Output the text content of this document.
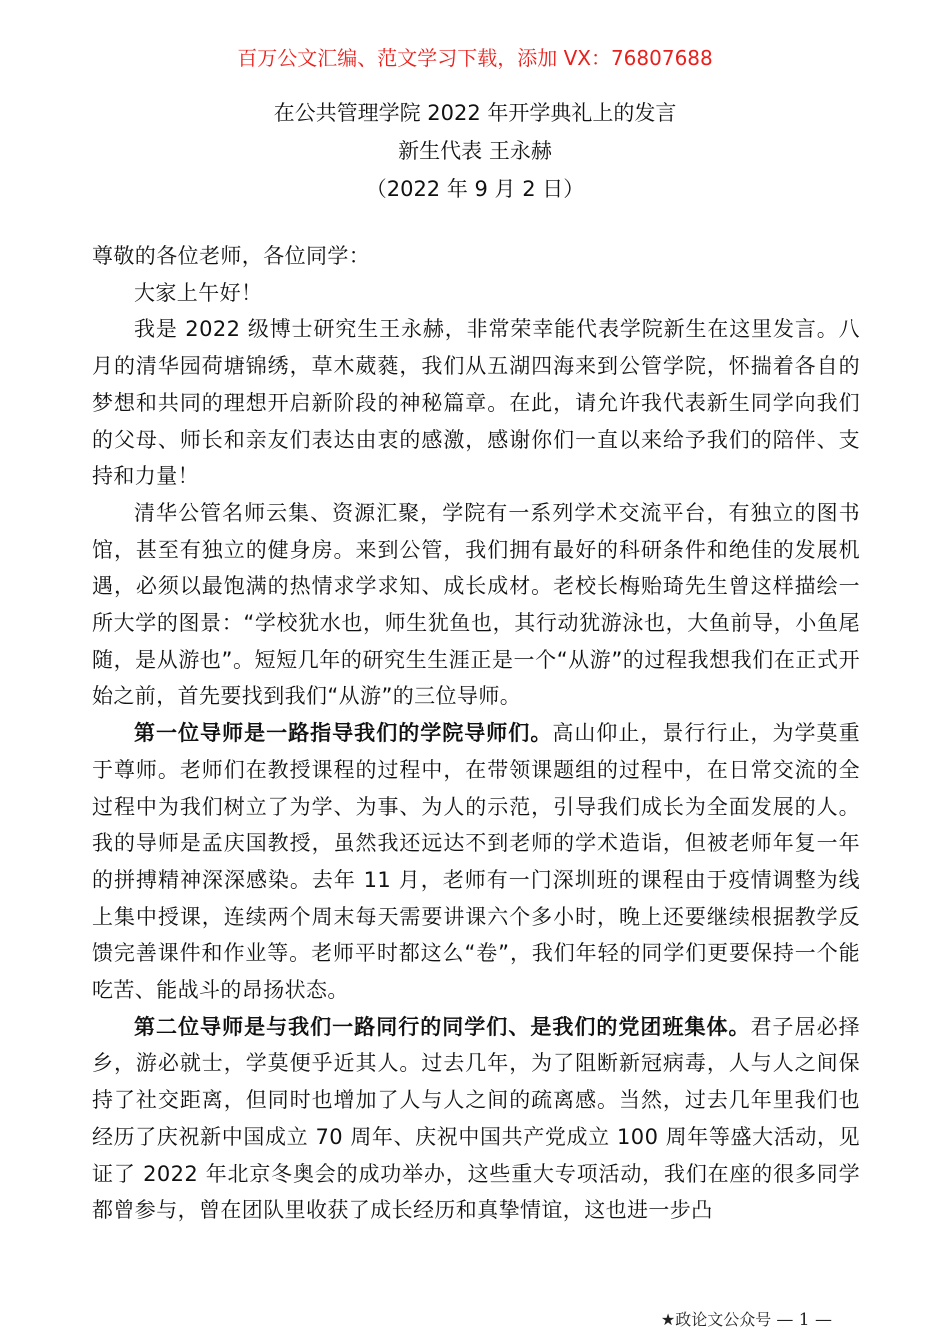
百万公文汇编、范文学习下载，添加 VX：76807688
在公共管理学院 2022 年开学典礼上的发言
新生代表 王永赫
（2022 年 9 月 2 日）

尊敬的各位老师，各位同学：

大家上午好！

我是 2022 级博士研究生王永赫，非常荣幸能代表学院新生在这里发言。八月的清华园荷塘锦绣，草木葳蕤，我们从五湖四海来到公管学院，怀揣着各自的梦想和共同的理想开启新阶段的神秘篇章。在此，请允许我代表新生同学向我们的父母、师长和亲友们表达由衷的感激，感谢你们一直以来给予我们的陪伴、支持和力量！

清华公管名师云集、资源汇聚，学院有一系列学术交流平台，有独立的图书馆，甚至有独立的健身房。来到公管，我们拥有最好的科研条件和绝佳的发展机遇，必须以最饱满的热情求学求知、成长成材。老校长梅贻琦先生曾这样描绘一所大学的图景：“学校犹水也，师生犹鱼也，其行动犹游泳也，大鱼前导，小鱼尾随，是从游也”。短短几年的研究生生涯正是一个“从游”的过程我想我们在正式开始之前，首先要找到我们“从游”的三位导师。

第一位导师是一路指导我们的学院导师们。高山仰止，景行行止，为学莫重于尊师。老师们在教授课程的过程中，在带领课题组的过程中，在日常交流的全过程中为我们树立了为学、为事、为人的示范，引导我们成长为全面发展的人。我的导师是孟庆国教授，虽然我还远达不到老师的学术造诣，但被老师年复一年的拼搏精神深深感染。去年 11 月，老师有一门深圳班的课程由于疫情调整为线上集中授课，连续两个周末每天需要讲课六个多小时，晚上还要继续根据教学反馈完善课件和作业等。老师平时都这么“卷”，我们年轻的同学们更要保持一个能吃苦、能战斗的昂扬状态。

第二位导师是与我们一路同行的同学们、是我们的党团班集体。君子居必择乡，游必就士，学莫便乎近其人。过去几年，为了阻断新冠病毒，人与人之间保持了社交距离，但同时也增加了人与人之间的疏离感。当然，过去几年里我们也经历了庆祝新中国成立 70 周年、庆祝中国共产党成立 100 周年等盛大活动，见证了 2022 年北京冬奥会的成功举办，这些重大专项活动，我们在座的很多同学都曾参与，曾在团队里收获了成长经历和真挚情谊，这也进一步凸

★政论文公众号 — 1 —
